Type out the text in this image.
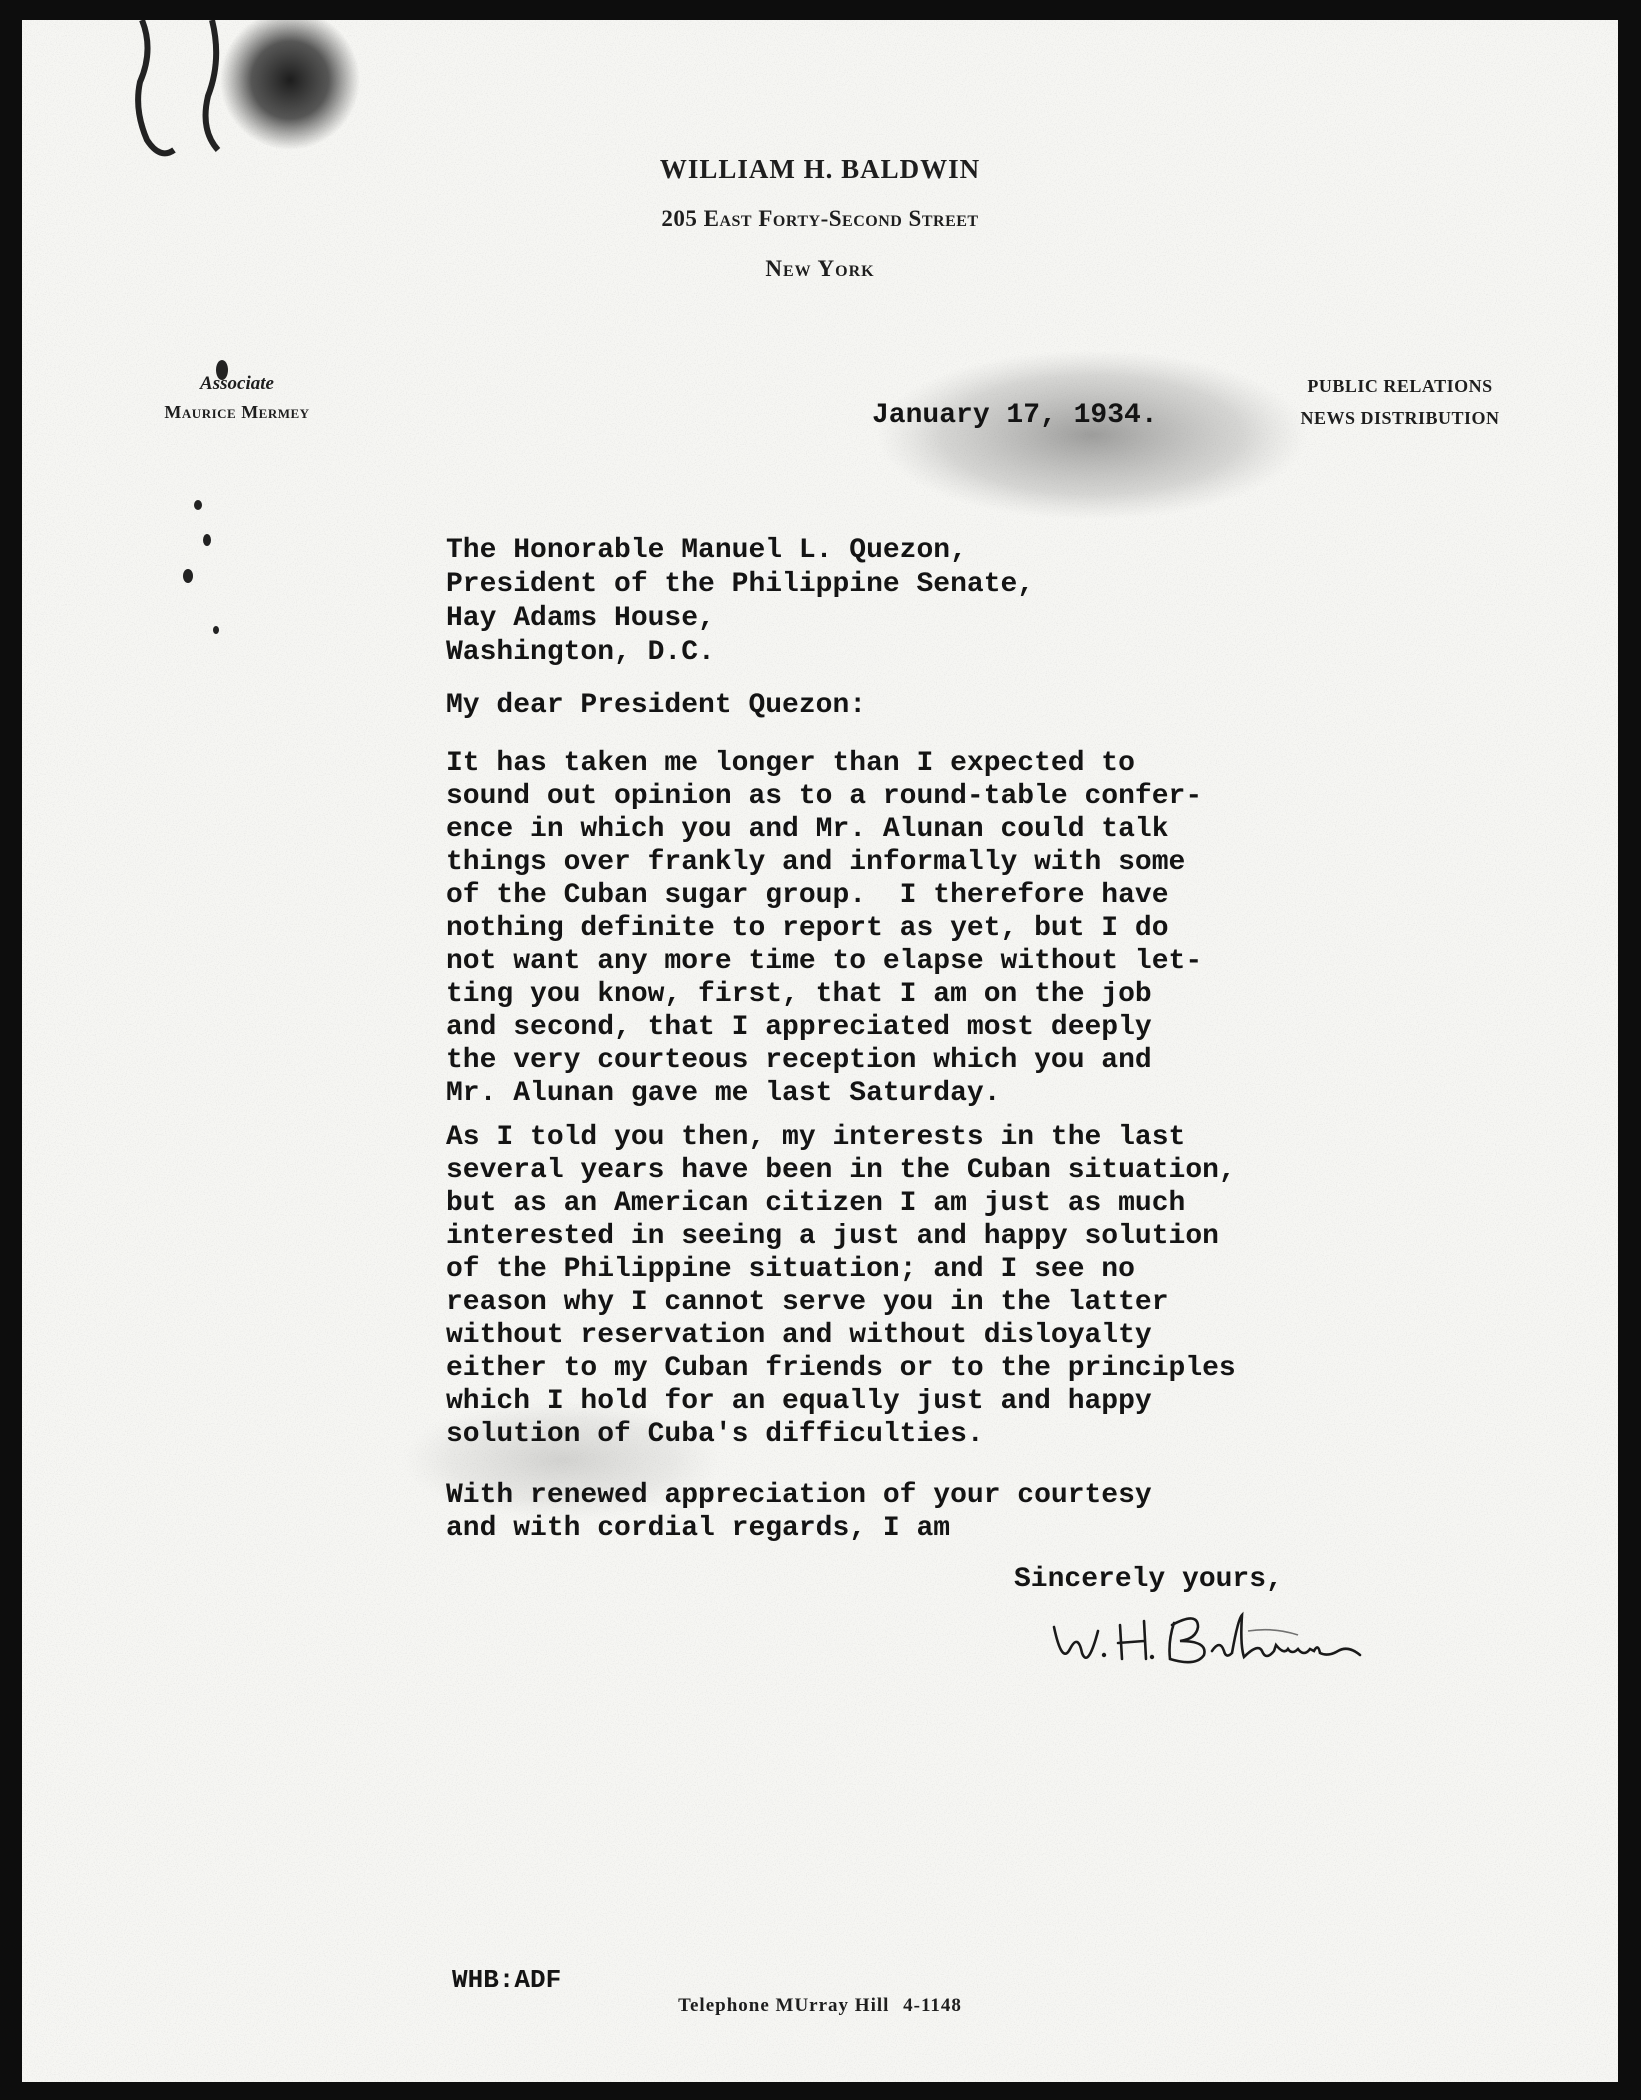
WILLIAM H. BALDWIN
205 East Forty-Second Street
New York
Associate
Maurice Mermey
PUBLIC RELATIONS
NEWS DISTRIBUTION
January 17, 1934.
The Honorable Manuel L. Quezon,
President of the Philippine Senate,
Hay Adams House,
Washington, D.C.
My dear President Quezon:
It has taken me longer than I expected to
sound out opinion as to a round-table confer-
ence in which you and Mr. Alunan could talk
things over frankly and informally with some
of the Cuban sugar group.  I therefore have
nothing definite to report as yet, but I do
not want any more time to elapse without let-
ting you know, first, that I am on the job
and second, that I appreciated most deeply
the very courteous reception which you and
Mr. Alunan gave me last Saturday.
As I told you then, my interests in the last
several years have been in the Cuban situation,
but as an American citizen I am just as much
interested in seeing a just and happy solution
of the Philippine situation; and I see no
reason why I cannot serve you in the latter
without reservation and without disloyalty
either to my Cuban friends or to the principles
which I hold for an equally just and happy
solution of Cuba's difficulties.
With renewed appreciation of your courtesy
and with cordial regards, I am
Sincerely yours,
WHB:ADF
Telephone MUrray Hill 4-1148
